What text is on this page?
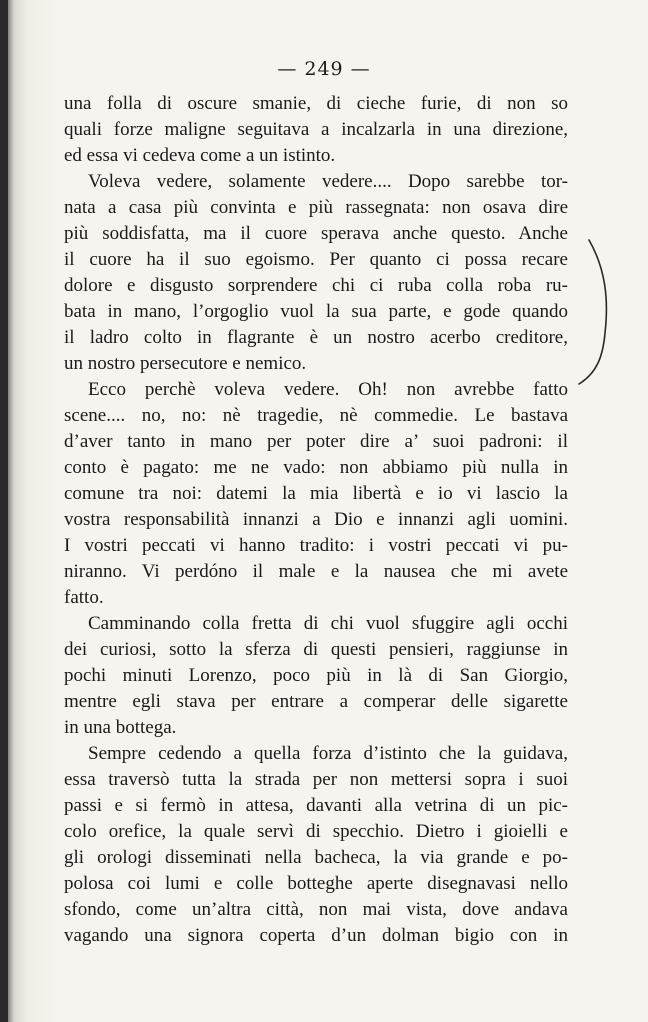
— 249 —
una folla di oscure smanie, di cieche furie, di non so
quali forze maligne seguitava a incalzarla in una direzione,
ed essa vi cedeva come a un istinto.
Voleva vedere, solamente vedere.... Dopo sarebbe tor-
nata a casa più convinta e più rassegnata: non osava dire
più soddisfatta, ma il cuore sperava anche questo. Anche
il cuore ha il suo egoismo. Per quanto ci possa recare
dolore e disgusto sorprendere chi ci ruba colla roba ru-
bata in mano, l’orgoglio vuol la sua parte, e gode quando
il ladro colto in flagrante è un nostro acerbo creditore,
un nostro persecutore e nemico.
Ecco perchè voleva vedere. Oh! non avrebbe fatto
scene.... no, no: nè tragedie, nè commedie. Le bastava
d’aver tanto in mano per poter dire a’ suoi padroni: il
conto è pagato: me ne vado: non abbiamo più nulla in
comune tra noi: datemi la mia libertà e io vi lascio la
vostra responsabilità innanzi a Dio e innanzi agli uomini.
I vostri peccati vi hanno tradito: i vostri peccati vi pu-
niranno. Vi perdóno il male e la nausea che mi avete
fatto.
Camminando colla fretta di chi vuol sfuggire agli occhi
dei curiosi, sotto la sferza di questi pensieri, raggiunse in
pochi minuti Lorenzo, poco più in là di San Giorgio,
mentre egli stava per entrare a comperar delle sigarette
in una bottega.
Sempre cedendo a quella forza d’istinto che la guidava,
essa traversò tutta la strada per non mettersi sopra i suoi
passi e si fermò in attesa, davanti alla vetrina di un pic-
colo orefice, la quale servì di specchio. Dietro i gioielli e
gli orologi disseminati nella bacheca, la via grande e po-
polosa coi lumi e colle botteghe aperte disegnavasi nello
sfondo, come un’altra città, non mai vista, dove andava
vagando una signora coperta d’un dolman bigio con in
